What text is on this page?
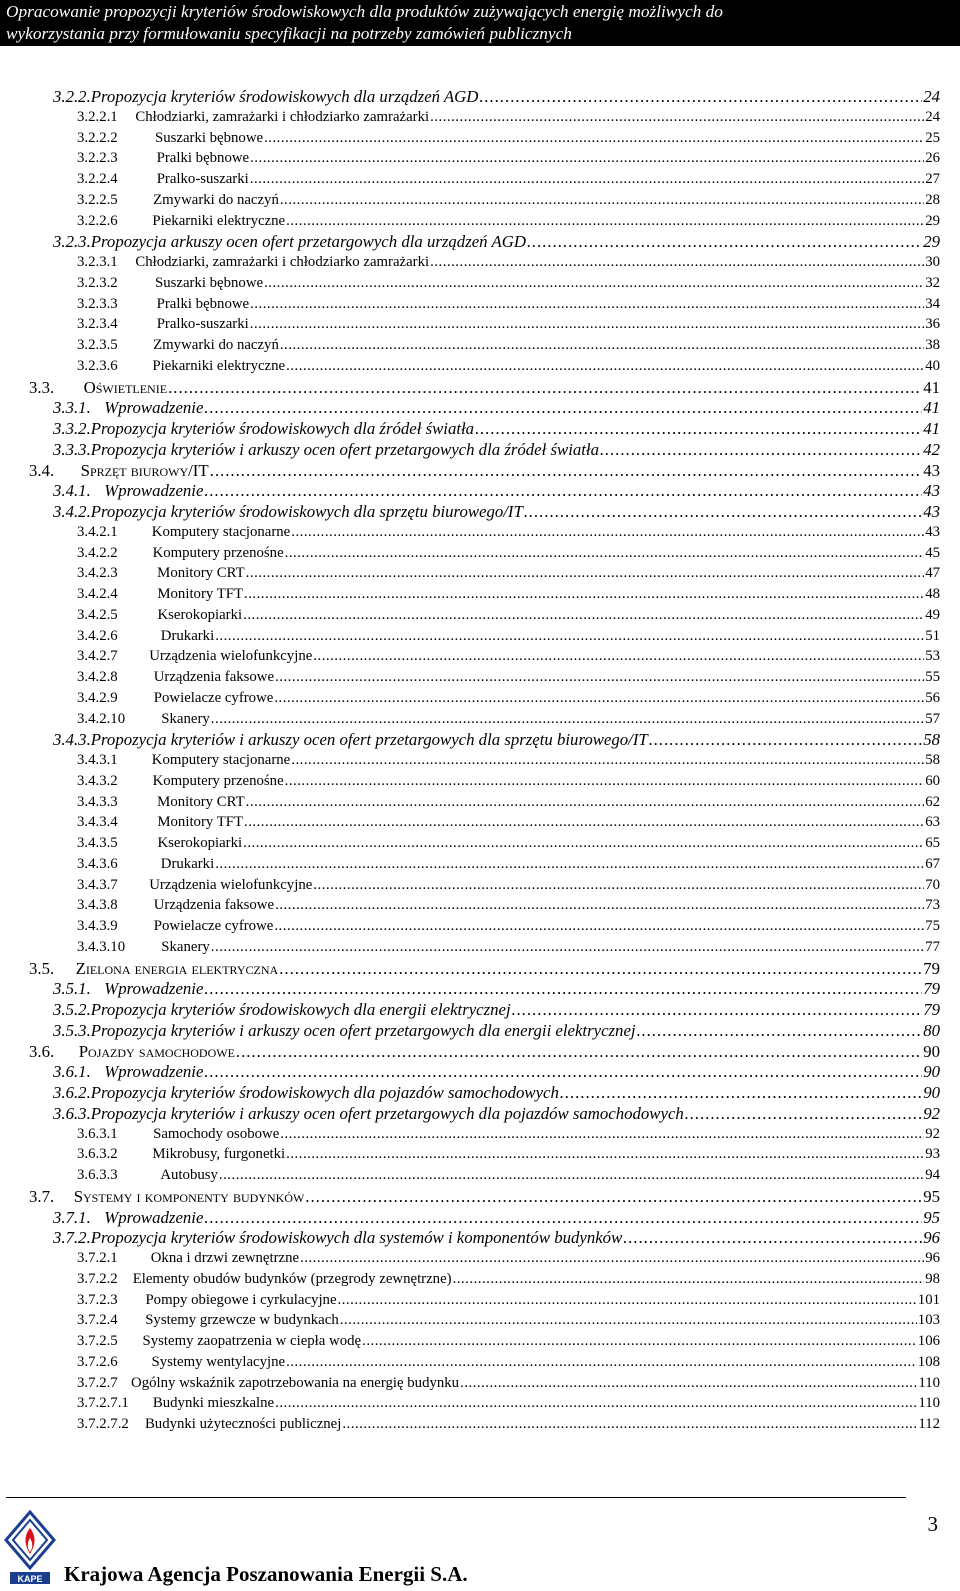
Opracowanie propozycji kryteriów środowiskowych dla produktów zużywających energię możliwych do
wykorzystania przy formułowaniu specyfikacji na potrzeby zamówień publicznych
3.2.2. Propozycja kryteriów środowiskowych dla urządzeń AGD . . .	24
3.2.2.1	Chłodziarki, zamrażarki i chłodziarko zamrażarki . . .	24
3.2.2.2	Suszarki bębnowe . . .	25
3.2.2.3	Pralki bębnowe . . .	26
3.2.2.4	Pralko-suszarki . . .	27
3.2.2.5	Zmywarki do naczyń . . .	28
3.2.2.6	Piekarniki elektryczne . . .	29
3.2.3. Propozycja arkuszy ocen ofert przetargowych dla urządzeń AGD . . .	29
3.2.3.1	Chłodziarki, zamrażarki i chłodziarko zamrażarki . . .	30
3.2.3.2	Suszarki bębnowe . . .	32
3.2.3.3	Pralki bębnowe . . .	34
3.2.3.4	Pralko-suszarki . . .	36
3.2.3.5	Zmywarki do naczyń . . .	38
3.2.3.6	Piekarniki elektryczne . . .	40
3.3.	Oświetlenie . . .	41
3.3.1. Wprowadzenie . . .	41
3.3.2. Propozycja kryteriów środowiskowych dla źródeł światła . . .	41
3.3.3. Propozycja kryteriów i arkuszy ocen ofert przetargowych dla źródeł światła . . .	42
3.4.	Sprzęt biurowy/IT . . .	43
3.4.1. Wprowadzenie . . .	43
3.4.2. Propozycja kryteriów środowiskowych dla sprzętu biurowego/IT . . .	43
3.4.2.1	Komputery stacjonarne . . .	43
3.4.2.2	Komputery przenośne . . .	45
3.4.2.3	Monitory CRT . . .	47
3.4.2.4	Monitory TFT . . .	48
3.4.2.5	Kserokopiarki . . .	49
3.4.2.6	Drukarki . . .	51
3.4.2.7	Urządzenia wielofunkcyjne . . .	53
3.4.2.8	Urządzenia faksowe . . .	55
3.4.2.9	Powielacze cyfrowe . . .	56
3.4.2.10	Skanery . . .	57
3.4.3. Propozycja kryteriów i arkuszy ocen ofert przetargowych dla sprzętu biurowego/IT . . .	58
3.4.3.1	Komputery stacjonarne . . .	58
3.4.3.2	Komputery przenośne . . .	60
3.4.3.3	Monitory CRT . . .	62
3.4.3.4	Monitory TFT . . .	63
3.4.3.5	Kserokopiarki . . .	65
3.4.3.6	Drukarki . . .	67
3.4.3.7	Urządzenia wielofunkcyjne . . .	70
3.4.3.8	Urządzenia faksowe . . .	73
3.4.3.9	Powielacze cyfrowe . . .	75
3.4.3.10	Skanery . . .	77
3.5.	Zielona energia elektryczna . . .	79
3.5.1. Wprowadzenie . . .	79
3.5.2. Propozycja kryteriów środowiskowych dla energii elektrycznej . . .	79
3.5.3. Propozycja kryteriów i arkuszy ocen ofert przetargowych dla energii elektrycznej . . .	80
3.6.	Pojazdy samochodowe . . .	90
3.6.1. Wprowadzenie . . .	90
3.6.2. Propozycja kryteriów środowiskowych dla pojazdów samochodowych . . .	90
3.6.3. Propozycja kryteriów i arkuszy ocen ofert przetargowych dla pojazdów samochodowych . . .	92
3.6.3.1	Samochody osobowe . . .	92
3.6.3.2	Mikrobusy, furgonetki . . .	93
3.6.3.3	Autobusy . . .	94
3.7.	Systemy i komponenty budynków . . .	95
3.7.1. Wprowadzenie . . .	95
3.7.2. Propozycja kryteriów środowiskowych dla systemów i komponentów budynków . . .	96
3.7.2.1	Okna i drzwi zewnętrzne . . .	96
3.7.2.2	Elementy obudów budynków (przegrody zewnętrzne) . . .	98
3.7.2.3	Pompy obiegowe i cyrkulacyjne . . .	101
3.7.2.4	Systemy grzewcze w budynkach . . .	103
3.7.2.5	Systemy zaopatrzenia w ciepła wodę . . .	106
3.7.2.6	Systemy wentylacyjne . . .	108
3.7.2.7 Ogólny wskaźnik zapotrzebowania na energię budynku . . .	110
3.7.2.7.1	Budynki mieszkalne . . .	110
3.7.2.7.2	Budynki użyteczności publicznej . . .	112
3
KAPE Krajowa Agencja Poszanowania Energii S.A.
